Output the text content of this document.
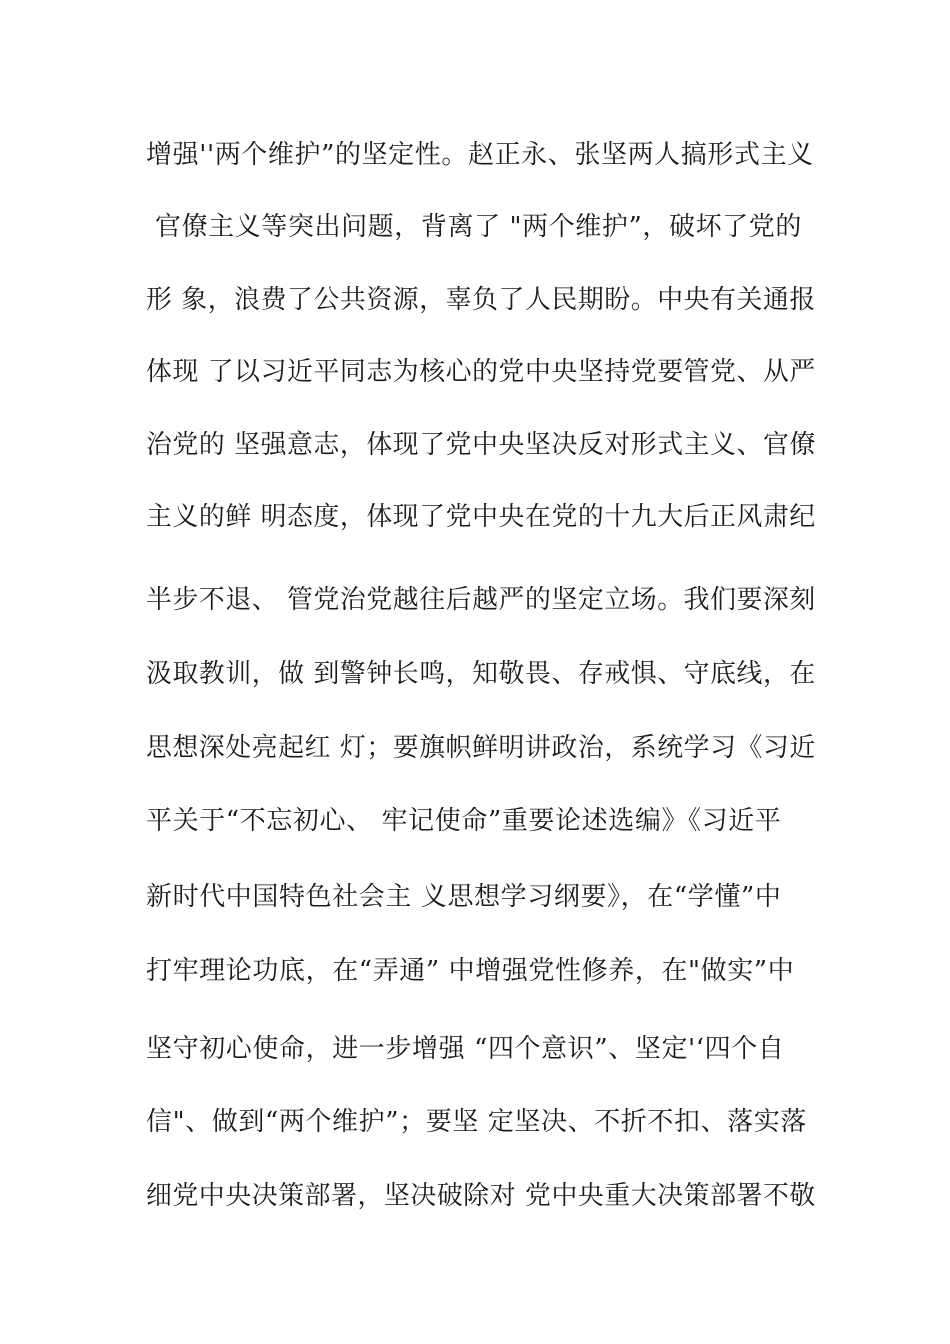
增强''两个维护”的坚定性。赵正永、张坚两人搞形式主义
官僚主义等突出问题，背离了 "两个维护”，破坏了党的
形 象，浪费了公共资源，辜负了人民期盼。中央有关通报
体现 了以习近平同志为核心的党中央坚持党要管党、从严
治党的 坚强意志，体现了党中央坚决反对形式主义、官僚
主义的鲜 明态度，体现了党中央在党的十九大后正风肃纪
半步不退、 管党治党越往后越严的坚定立场。我们要深刻
汲取教训，做 到警钟长鸣，知敬畏、存戒惧、守底线，在
思想深处亮起红 灯；要旗帜鲜明讲政治，系统学习《习近
平关于“不忘初心、 牢记使命”重要论述选编》《习近平
新时代中国特色社会主 义思想学习纲要》，在“学懂”中
打牢理论功底，在“弄通” 中增强党性修养，在"做实”中
坚守初心使命，进一步增强 “四个意识”、坚定'‘四个自
信"、做到“两个维护”；要坚 定坚决、不折不扣、落实落
细党中央决策部署，坚决破除对 党中央重大决策部署不敬
